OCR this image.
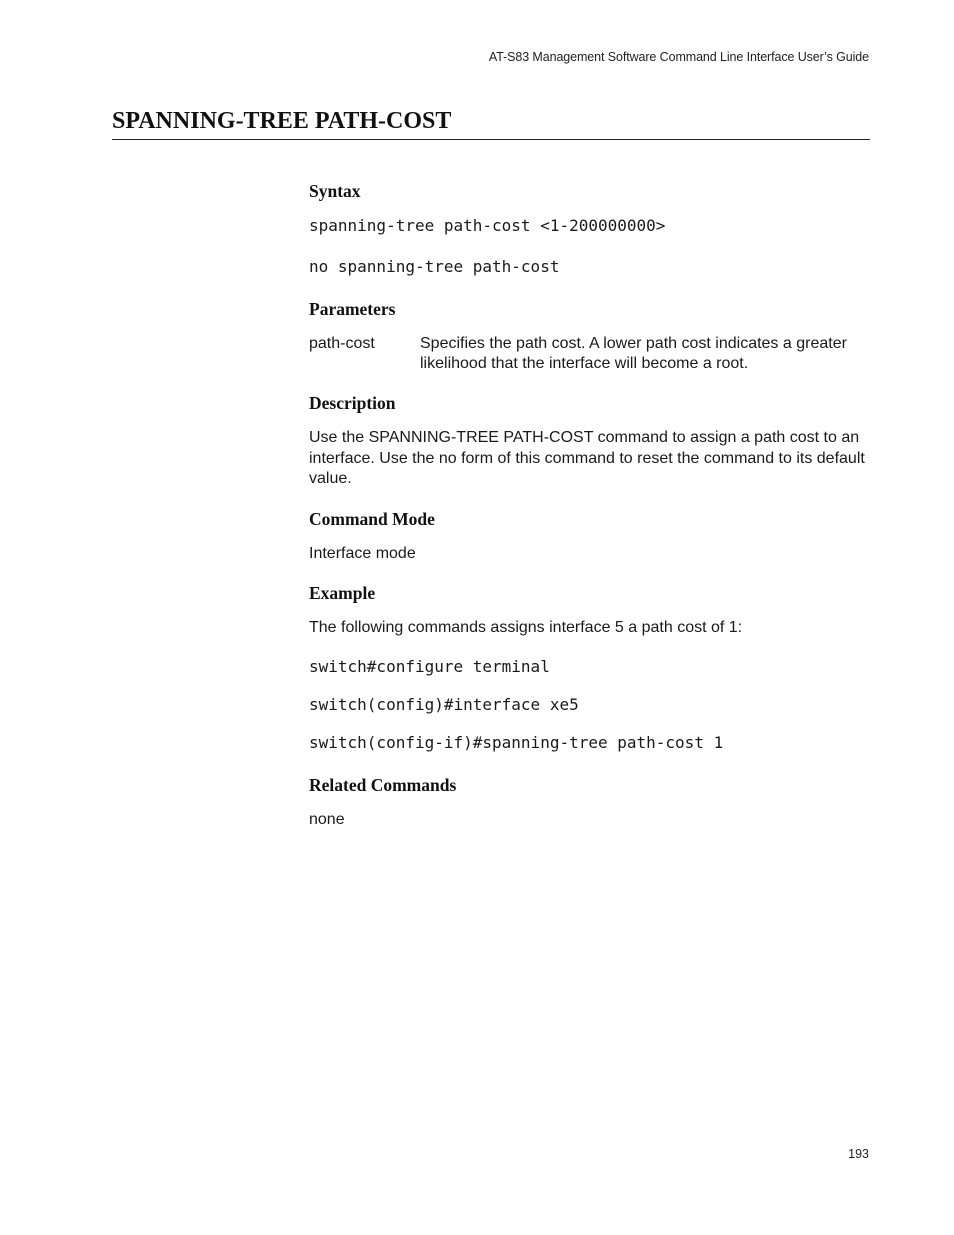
AT-S83 Management Software Command Line Interface User’s Guide
SPANNING-TREE PATH-COST
Syntax
spanning-tree path-cost <1-200000000>
no spanning-tree path-cost
Parameters
path-cost	Specifies the path cost. A lower path cost indicates a greater likelihood that the interface will become a root.
Description

Use the SPANNING-TREE PATH-COST command to assign a path cost to an interface. Use the no form of this command to reset the command to its default value.

Command Mode

Interface mode

Example

The following commands assigns interface 5 a path cost of 1:

switch#configure terminal
switch(config)#interface xe5
switch(config-if)#spanning-tree path-cost 1
Related Commands

none

193
